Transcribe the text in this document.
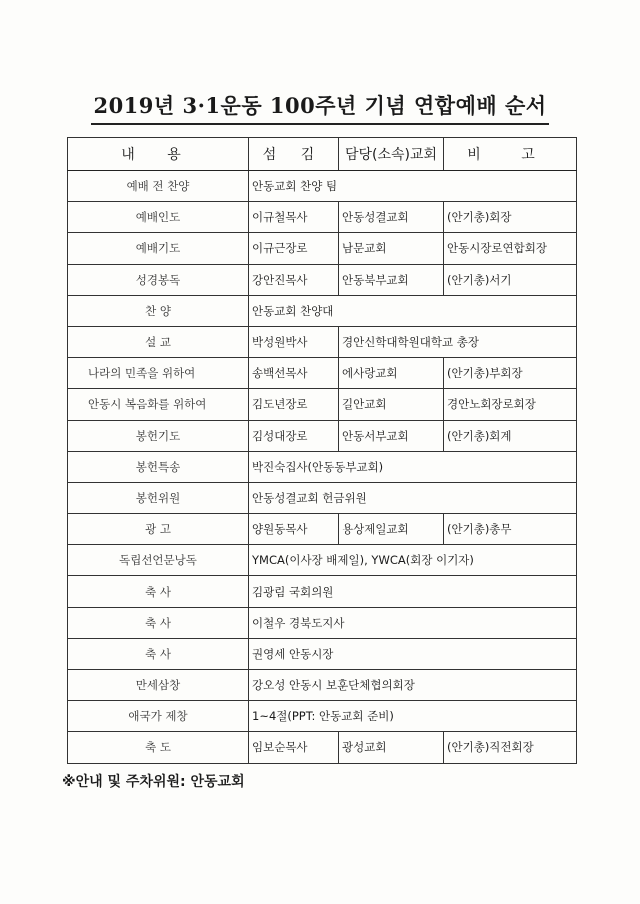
2019년 3·1운동 100주년 기념 연합예배 순서
내 용	섬 김	담당(소속)교회	비 고
예배 전 찬양	안동교회 찬양 팀		
예배인도	이규철목사	안동성결교회	(안기총)회장
예배기도	이규근장로	남문교회	안동시장로연합회장
성경봉독	강안진목사	안동북부교회	(안기총)서기
찬 양	안동교회 찬양대		
설 교	박성원박사	경안신학대학원대학교 총장	
나라의 민족을 위하여	송백선목사	에사랑교회	(안기총)부회장
안동시 복음화를 위하여	김도년장로	길안교회	경안노회장로회장
봉헌기도	김성대장로	안동서부교회	(안기총)회계
봉헌특송	박진숙집사(안동동부교회)		
봉헌위원	안동성결교회 헌금위원		
광 고	양원동목사	용상제일교회	(안기총)총무
독립선언문낭독	YMCA(이사장 배제일), YWCA(회장 이기자)		
축 사	김광림 국회의원		
축 사	이철우 경북도지사		
축 사	권영세 안동시장		
만세삼창	강오성 안동시 보훈단체협의회장		
애국가 제창	1~4절(PPT: 안동교회 준비)		
축 도	임보순목사	광성교회	(안기총)직전회장
※안내 및 주차위원: 안동교회
